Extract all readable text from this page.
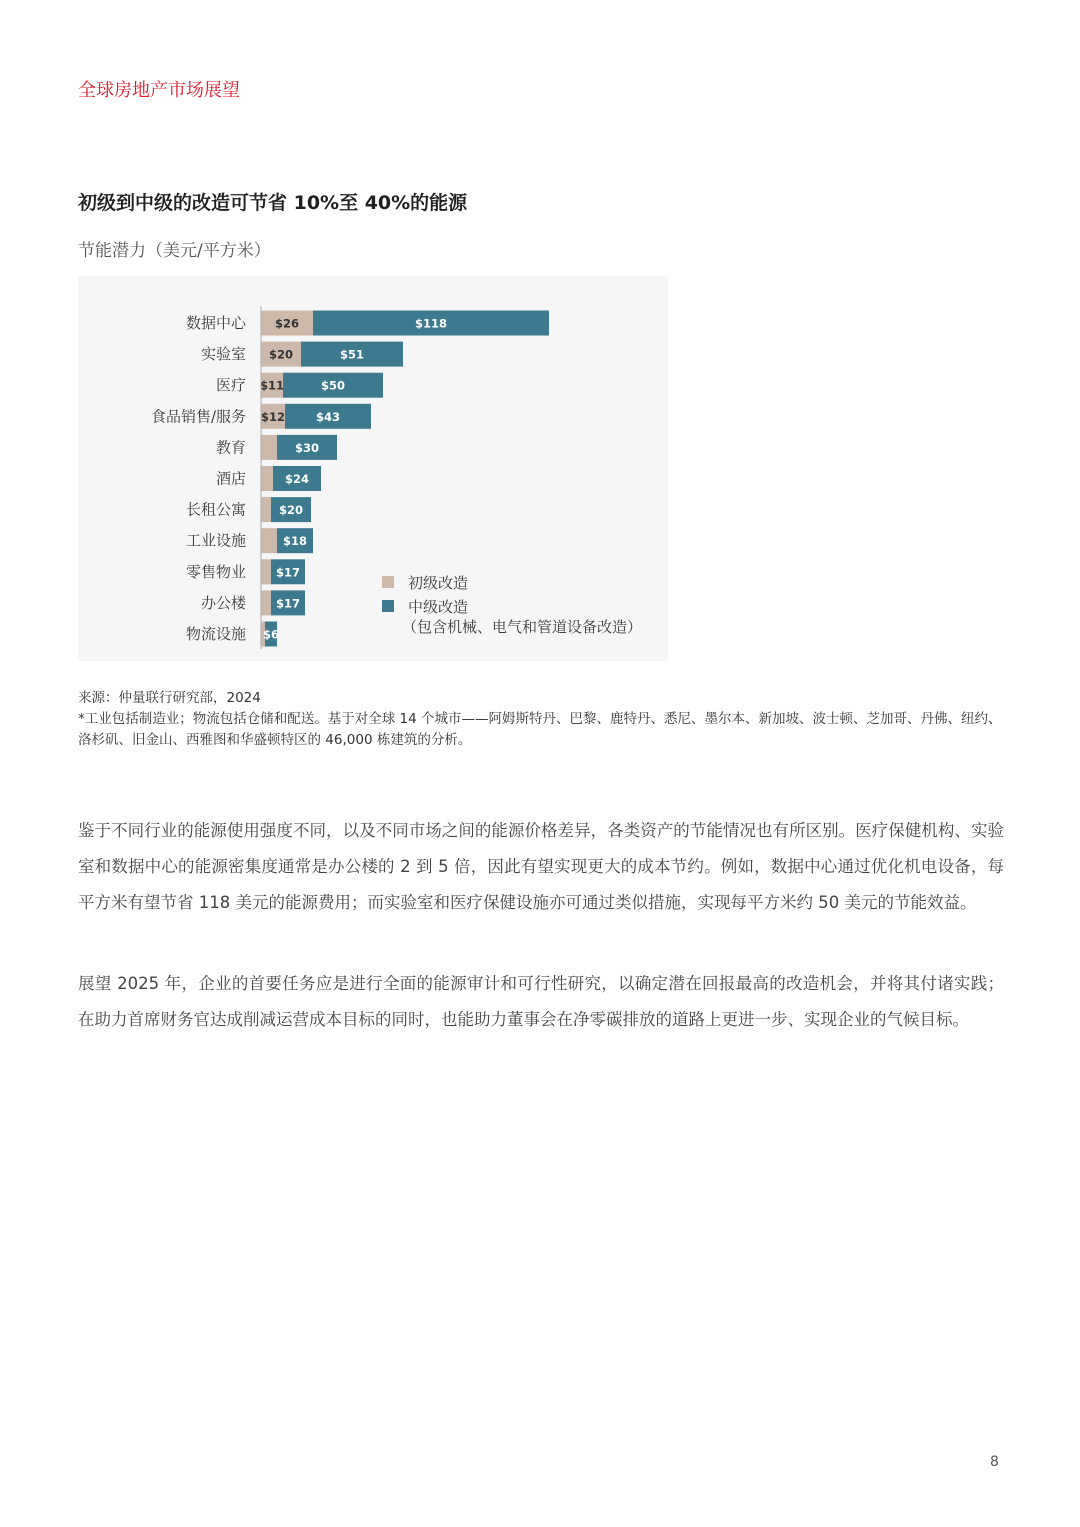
全球房地产市场展望
初级到中级的改造可节省 10%至 40%的能源
节能潜力（美元/平方米）
数据中心	$26	$118
实验室 $20	$51
医疗 $11	$50
食品销售/服务 $12	$43
教育	$30
酒店	$24
长租公寓	$20
工业设施	$18
零售物业	$17
办公楼	$17
物流设施 $6
初级改造
中级改造
（包含机械、电气和管道设备改造）
来源：仲量联行研究部，2024
*工业包括制造业；物流包括仓储和配送。基于对全球 14 个城市——阿姆斯特丹、巴黎、鹿特丹、悉尼、墨尔本、新加坡、波士顿、芝加哥、丹佛、纽约、洛杉矶、旧金山、西雅图和华盛顿特区的 46,000 栋建筑的分析。

鉴于不同行业的能源使用强度不同，以及不同市场之间的能源价格差异，各类资产的节能情况也有所区别。医疗保健机构、实验室和数据中心的能源密集度通常是办公楼的 2 到 5 倍，因此有望实现更大的成本节约。例如，数据中心通过优化机电设备，每平方米有望节省 118 美元的能源费用；而实验室和医疗保健设施亦可通过类似措施，实现每平方米约 50 美元的节能效益。

展望 2025 年，企业的首要任务应是进行全面的能源审计和可行性研究，以确定潜在回报最高的改造机会，并将其付诸实践；在助力首席财务官达成削减运营成本目标的同时，也能助力董事会在净零碳排放的道路上更进一步、实现企业的气候目标。

8
